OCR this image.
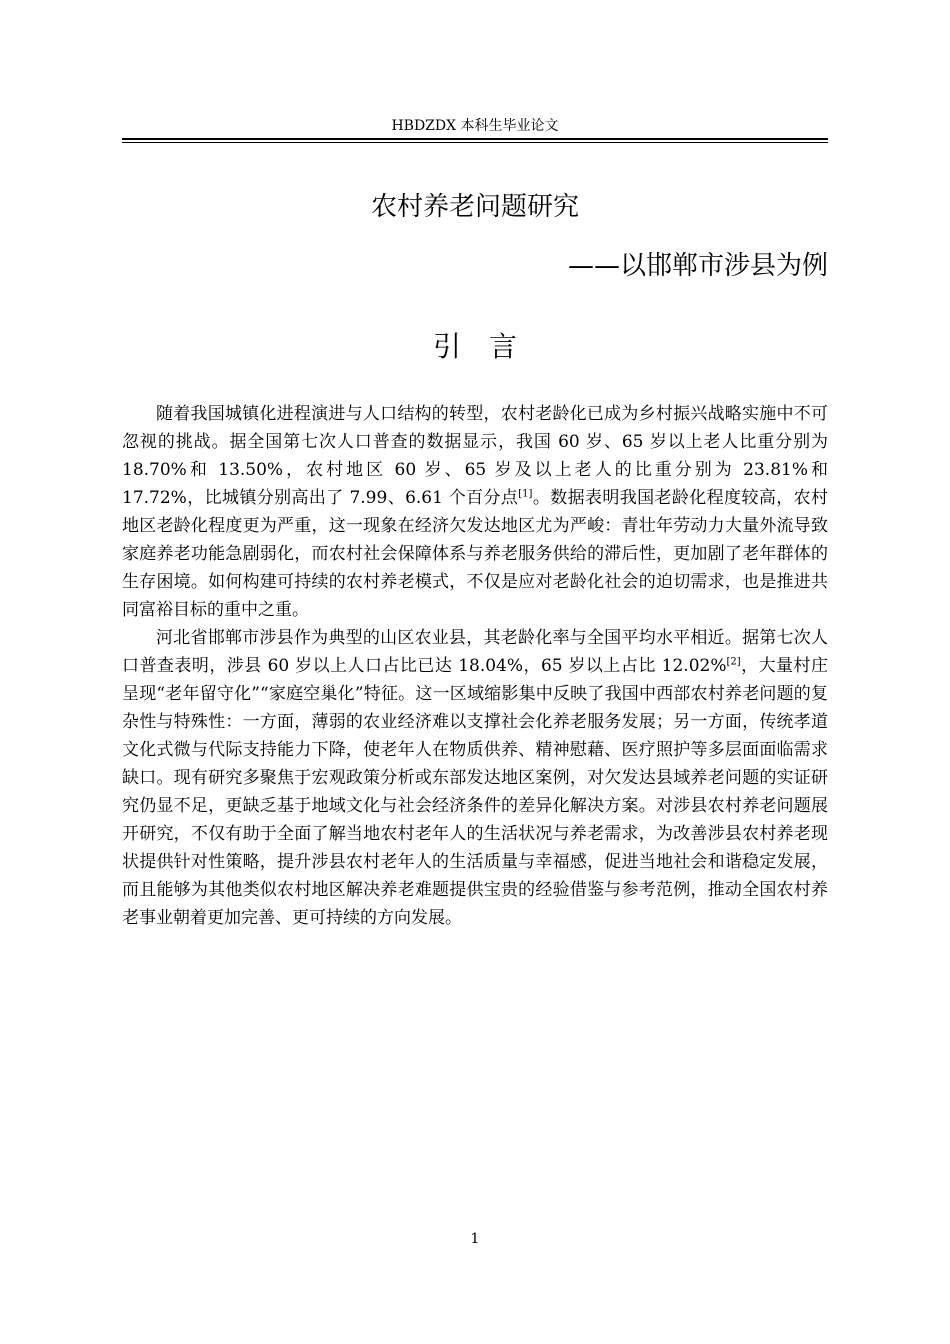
HBDZDX 本科生毕业论文
农村养老问题研究
——以邯郸市涉县为例
引言

随着我国城镇化进程演进与人口结构的转型，农村老龄化已成为乡村振兴战略实施中不可忽视的挑战。据全国第七次人口普查的数据显示，我国 60 岁、65 岁以上老人比重分别为 18.70%和 13.50%，农村地区 60 岁、65 岁及以上老人的比重分别为 23.81%和 17.72%，比城镇分别高出了 7.99、6.61 个百分点[1]。数据表明我国老龄化程度较高，农村地区老龄化程度更为严重，这一现象在经济欠发达地区尤为严峻：青壮年劳动力大量外流导致家庭养老功能急剧弱化，而农村社会保障体系与养老服务供给的滞后性，更加剧了老年群体的生存困境。如何构建可持续的农村养老模式，不仅是应对老龄化社会的迫切需求，也是推进共同富裕目标的重中之重。

河北省邯郸市涉县作为典型的山区农业县，其老龄化率与全国平均水平相近。据第七次人口普查表明，涉县 60 岁以上人口占比已达 18.04%，65 岁以上占比 12.02%[2]，大量村庄呈现“老年留守化”“家庭空巢化”特征。这一区域缩影集中反映了我国中西部农村养老问题的复杂性与特殊性：一方面，薄弱的农业经济难以支撑社会化养老服务发展；另一方面，传统孝道文化式微与代际支持能力下降，使老年人在物质供养、精神慰藉、医疗照护等多层面面临需求缺口。现有研究多聚焦于宏观政策分析或东部发达地区案例，对欠发达县域养老问题的实证研究仍显不足，更缺乏基于地域文化与社会经济条件的差异化解决方案。对涉县农村养老问题展开研究，不仅有助于全面了解当地农村老年人的生活状况与养老需求，为改善涉县农村养老现状提供针对性策略，提升涉县农村老年人的生活质量与幸福感，促进当地社会和谐稳定发展，而且能够为其他类似农村地区解决养老难题提供宝贵的经验借鉴与参考范例，推动全国农村养老事业朝着更加完善、更可持续的方向发展。

1
